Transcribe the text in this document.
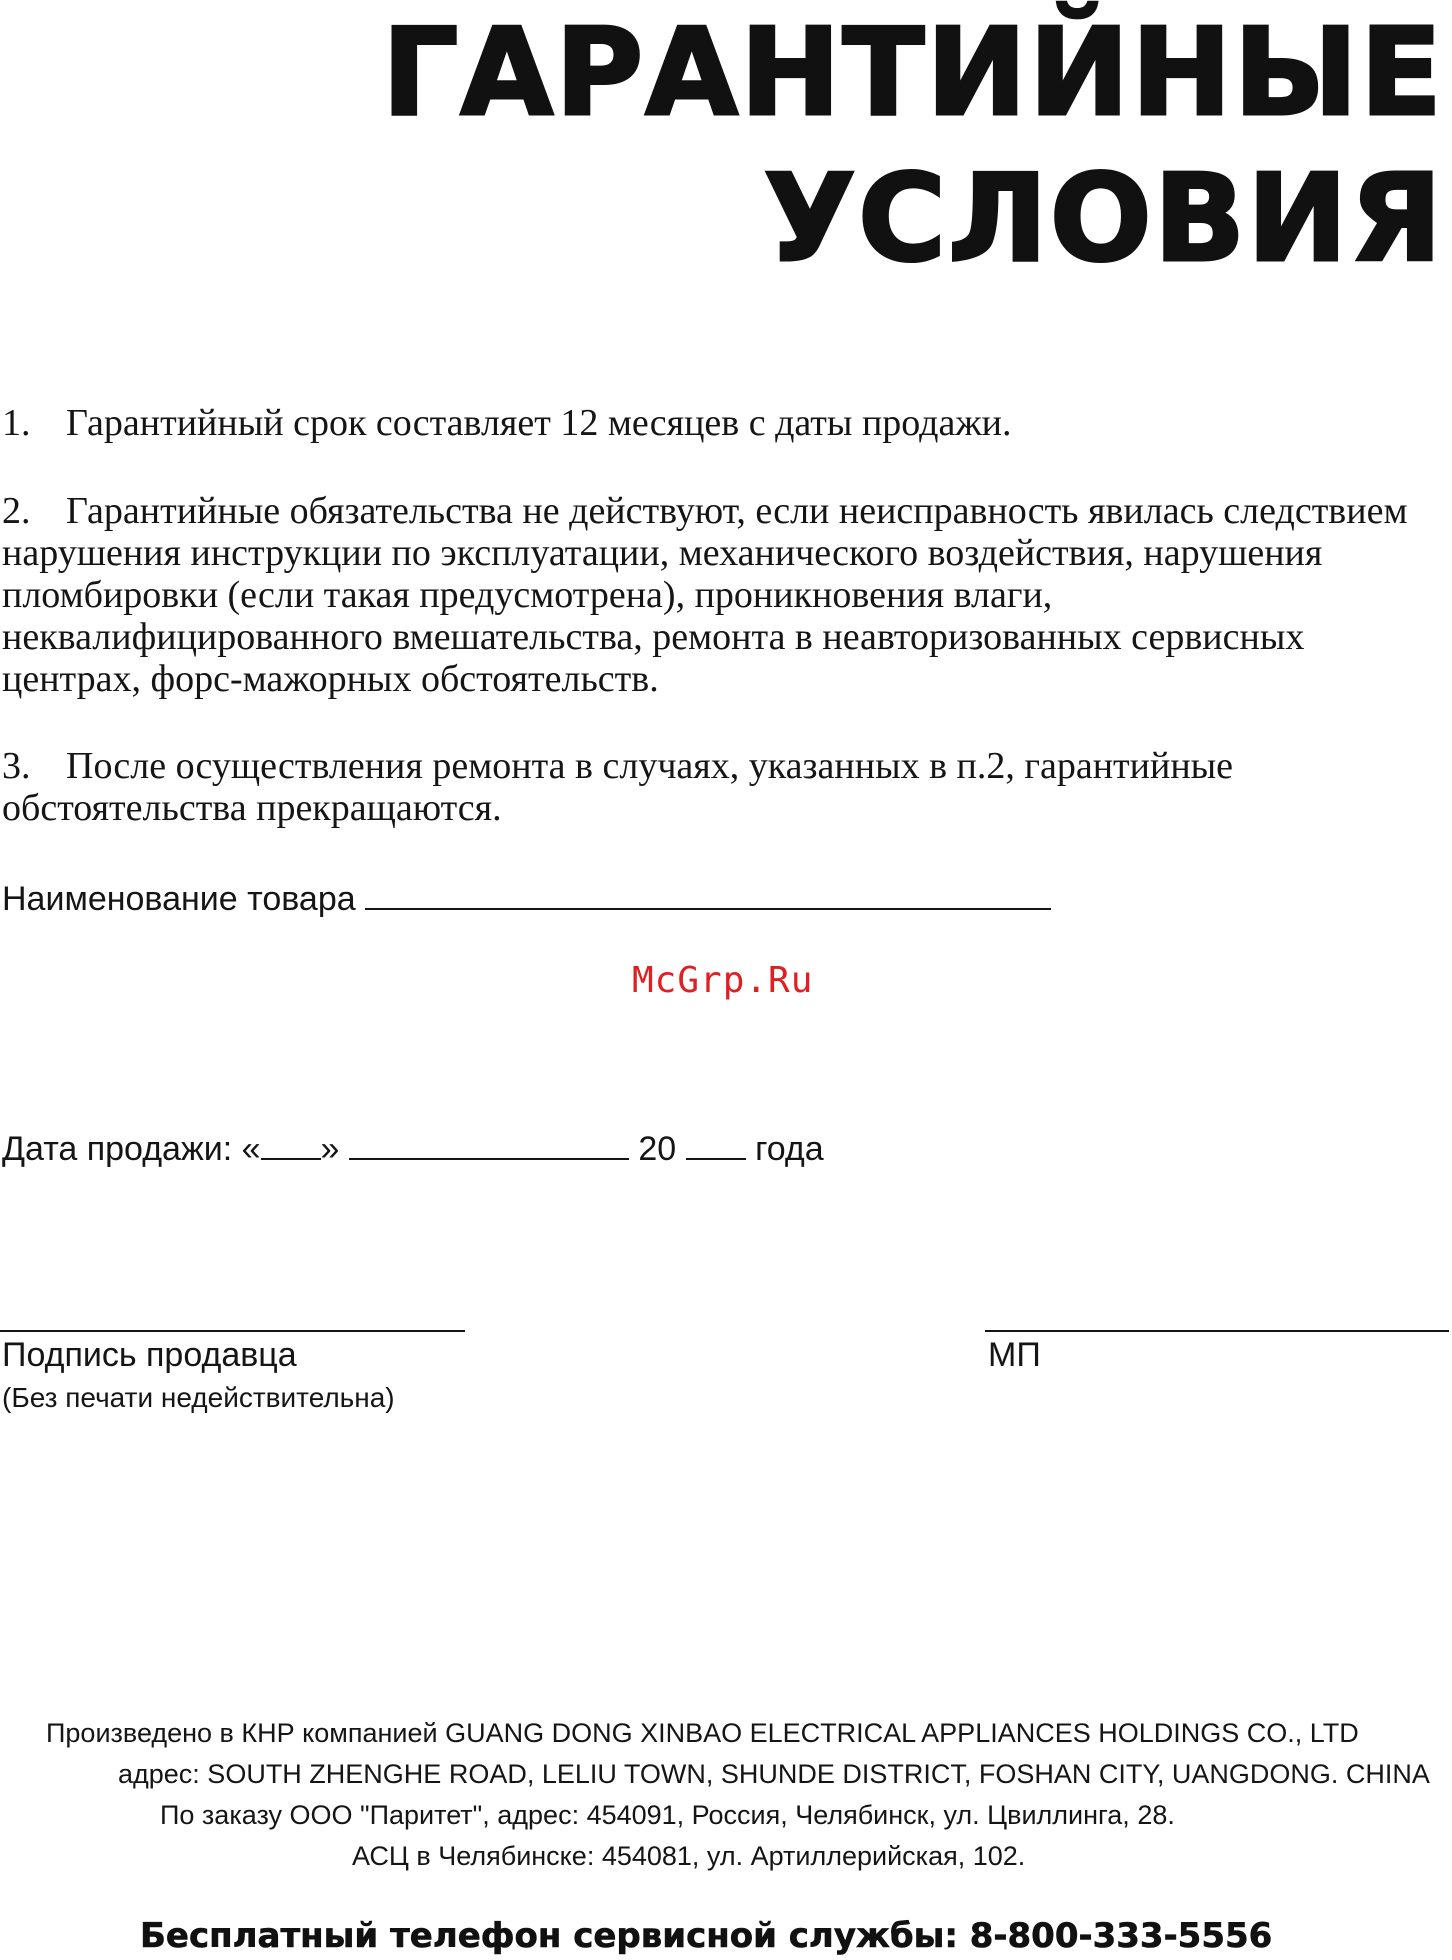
ГАРАНТИЙНЫЕ
УСЛОВИЯ

1. Гарантийный срок составляет 12 месяцев с даты продажи.

2. Гарантийные обязательства не действуют, если неисправность явилась следствием нарушения инструкции по эксплуатации, механического воздействия, нарушения пломбировки (если такая предусмотрена), проникновения влаги, неквалифицированного вмешательства, ремонта в неавторизованных сервисных центрах, форс-мажорных обстоятельств.

3. После осуществления ремонта в случаях, указанных в п.2, гарантийные обстоятельства прекращаются.

Наименование товара
McGrp.Ru
Дата продажи: « »	20 года
Подпись продавца	МП
(Без печати недействительна)
Произведено в КНР компанией GUANG DONG XINBAO ELECTRICAL APPLIANCES HOLDINGS CO., LTD
адрес: SOUTH ZHENGHE ROAD, LELIU TOWN, SHUNDE DISTRICT, FOSHAN CITY, UANGDONG. CHINA
По заказу ООО "Паритет", адрес: 454091, Россия, Челябинск, ул. Цвиллинга, 28.
АСЦ в Челябинске: 454081, ул. Артиллерийская, 102.
Бесплатный телефон сервисной службы: 8-800-333-5556
